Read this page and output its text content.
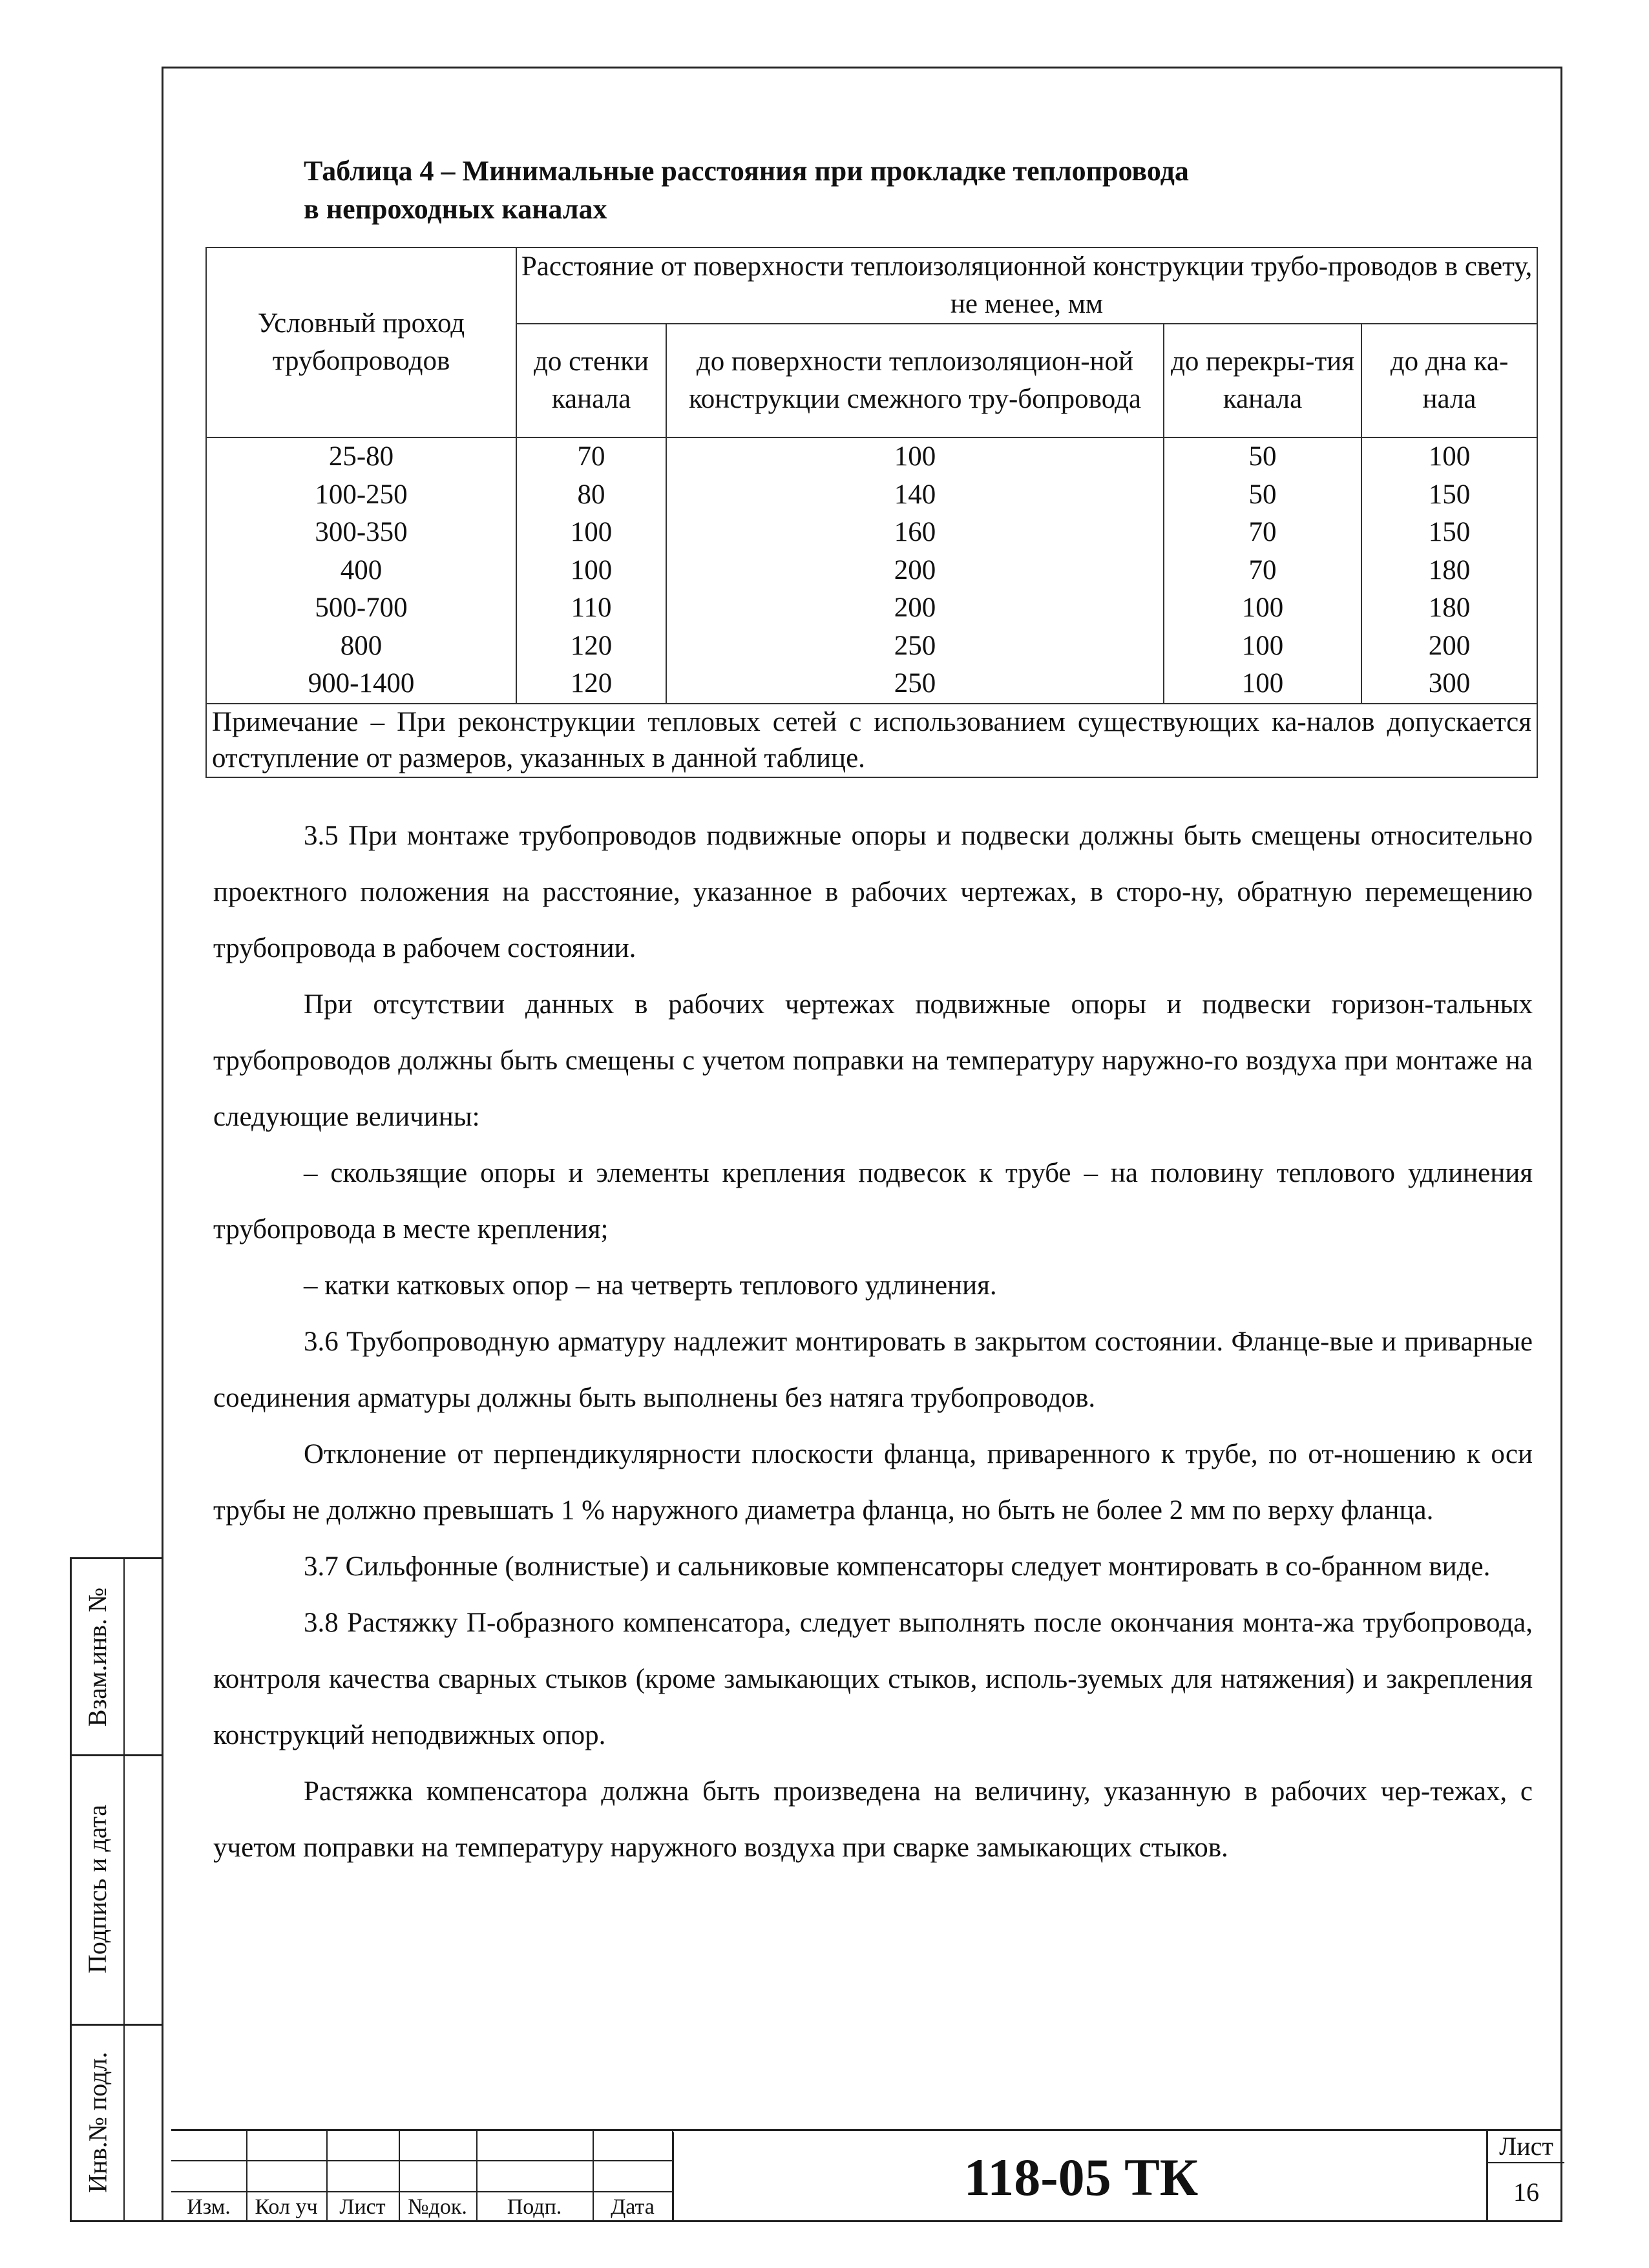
Таблица 4 – Минимальные расстояния при прокладке теплопровода
в непроходных каналах
Условный проход трубопроводов	Расстояние от поверхности теплоизоляционной конструкции трубо-проводов в свету, не менее, мм			
	до стенки канала	до поверхности теплоизоляцион-ной конструкции смежного тру-бопровода	до перекры-тия канала	до дна ка-нала
25-80	70	100	50	100
100-250	80	140	50	150
300-350	100	160	70	150
400	100	200	70	180
500-700	110	200	100	180
800	120	250	100	200
900-1400	120	250	100	300
Примечание – При реконструкции тепловых сетей с использованием существующих ка-налов допускается отступление от размеров, указанных в данной таблице.				

3.5 При монтаже трубопроводов подвижные опоры и подвески должны быть смещены относительно проектного положения на расстояние, указанное в рабочих чертежах, в сторо-ну, обратную перемещению трубопровода в рабочем состоянии.

При отсутствии данных в рабочих чертежах подвижные опоры и подвески горизон-тальных трубопроводов должны быть смещены с учетом поправки на температуру наружно-го воздуха при монтаже на следующие величины:

– скользящие опоры и элементы крепления подвесок к трубе – на половину теплового удлинения трубопровода в месте крепления;

– катки катковых опор – на четверть теплового удлинения.

3.6 Трубопроводную арматуру надлежит монтировать в закрытом состоянии. Фланце-вые и приварные соединения арматуры должны быть выполнены без натяга трубопроводов.

Отклонение от перпендикулярности плоскости фланца, приваренного к трубе, по от-ношению к оси трубы не должно превышать 1 % наружного диаметра фланца, но быть не более 2 мм по верху фланца.

3.7 Сильфонные (волнистые) и сальниковые компенсаторы следует монтировать в со-бранном виде.

3.8 Растяжку П-образного компенсатора, следует выполнять после окончания монта-жа трубопровода, контроля качества сварных стыков (кроме замыкающих стыков, исполь-зуемых для натяжения) и закрепления конструкций неподвижных опор.

Растяжка компенсатора должна быть произведена на величину, указанную в рабочих чер-тежах, с учетом поправки на температуру наружного воздуха при сварке замыкающих стыков.

Взам.инв. №
Подпись и дата
Инв.№ подл.
Изм.	Кол уч Лист	№док.	Подп.	Дата
118-05 ТК
Лист
16
